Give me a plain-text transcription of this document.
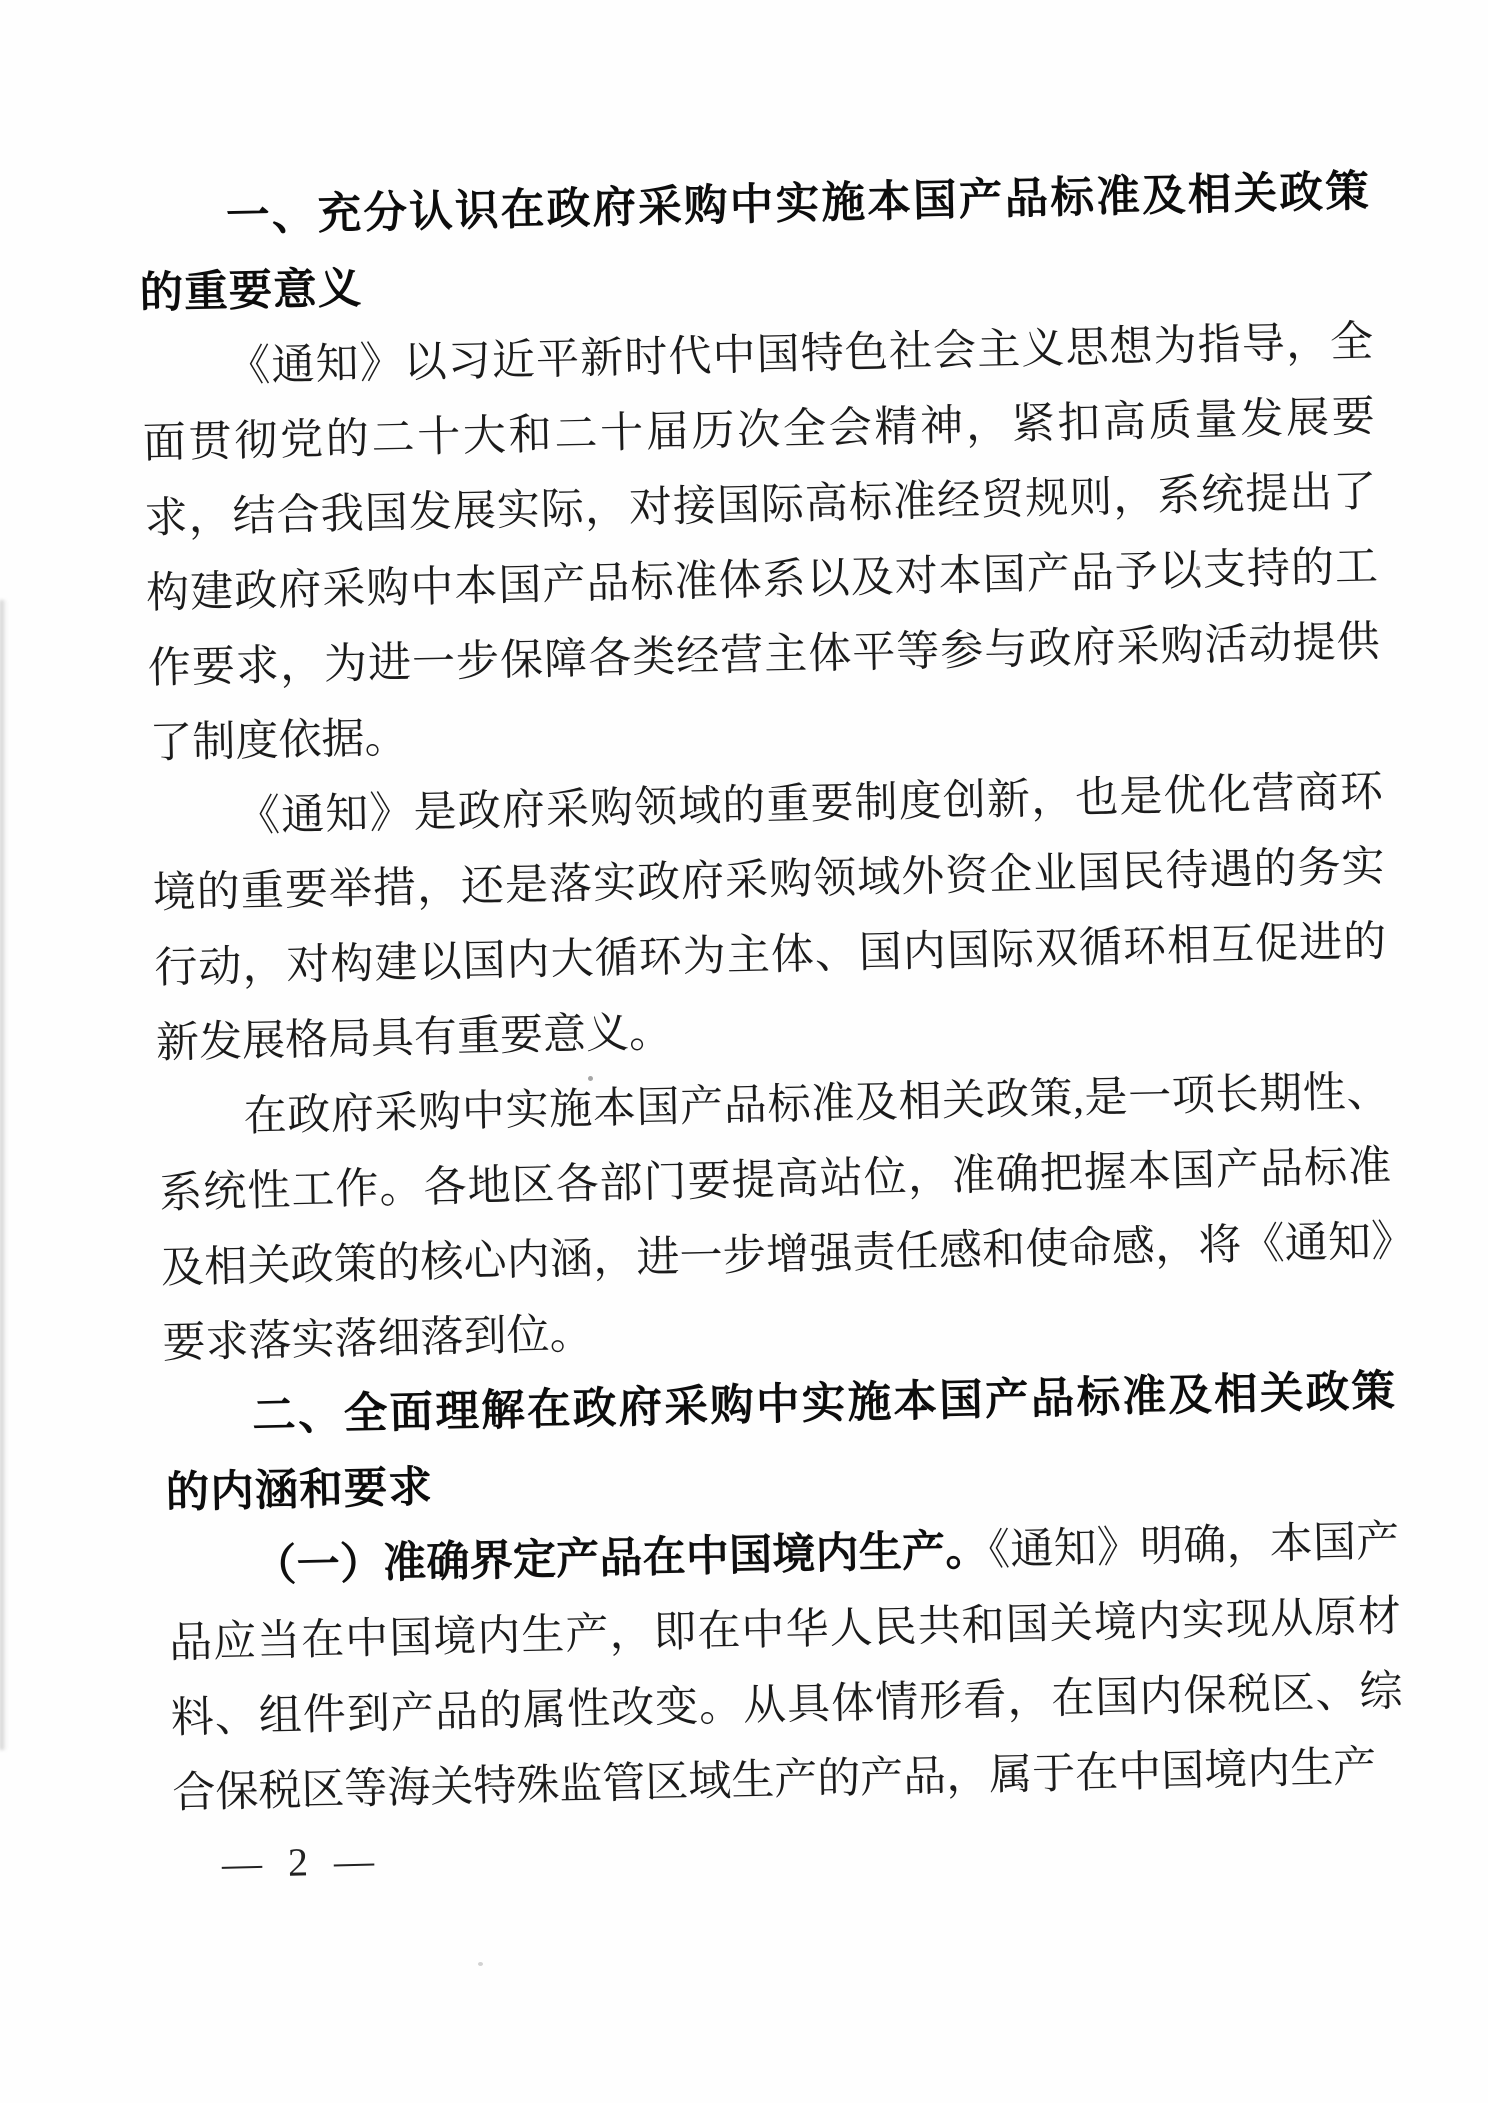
一、充分认识在政府采购中实施本国产品标准及相关政策的重要意义

《通知》以习近平新时代中国特色社会主义思想为指导，全面贯彻党的二十大和二十届历次全会精神，紧扣高质量发展要求，结合我国发展实际，对接国际高标准经贸规则，系统提出了构建政府采购中本国产品标准体系以及对本国产品予以支持的工作要求，为进一步保障各类经营主体平等参与政府采购活动提供了制度依据。

《通知》是政府采购领域的重要制度创新，也是优化营商环境的重要举措，还是落实政府采购领域外资企业国民待遇的务实行动，对构建以国内大循环为主体、国内国际双循环相互促进的新发展格局具有重要意义。

在政府采购中实施本国产品标准及相关政策,是一项长期性、系统性工作。各地区各部门要提高站位，准确把握本国产品标准及相关政策的核心内涵，进一步增强责任感和使命感，将《通知》要求落实落细落到位。

二、全面理解在政府采购中实施本国产品标准及相关政策的内涵和要求

（一）准确界定产品在中国境内生产。《通知》明确，本国产品应当在中国境内生产，即在中华人民共和国关境内实现从原材料、组件到产品的属性改变。从具体情形看，在国内保税区、综合保税区等海关特殊监管区域生产的产品，属于在中国境内生产

— 2 —
